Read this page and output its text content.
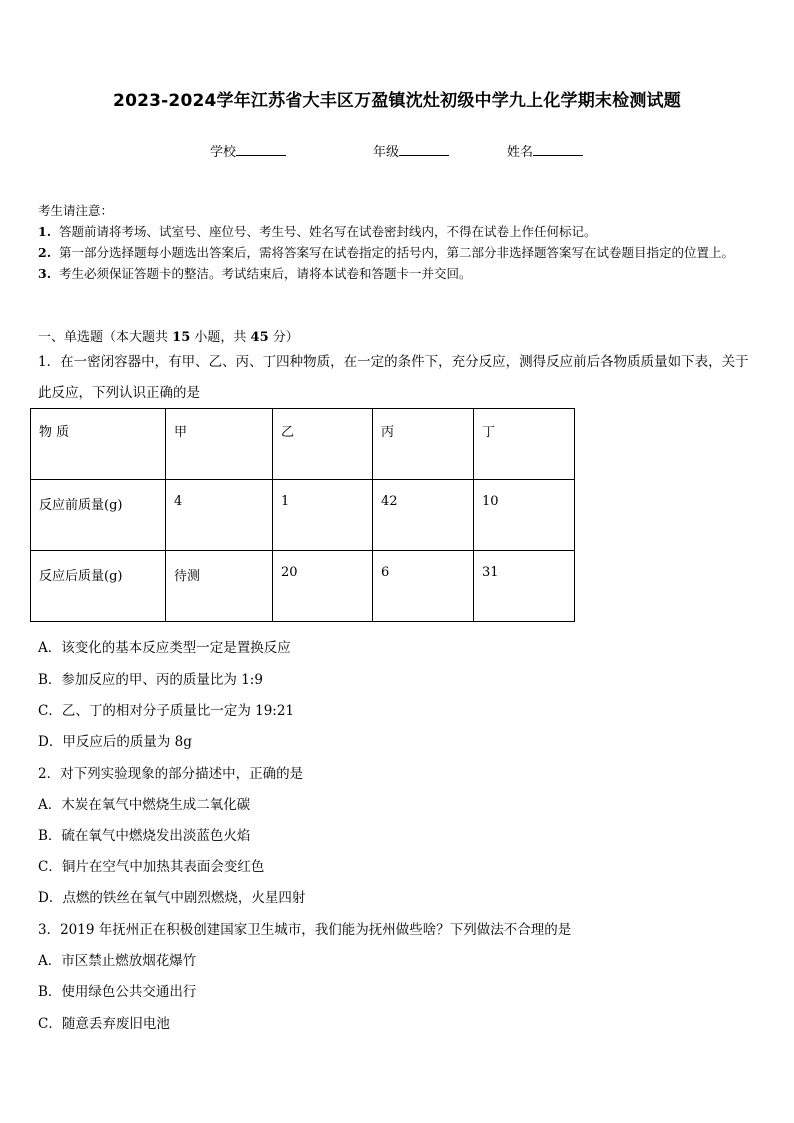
2023-2024学年江苏省大丰区万盈镇沈灶初级中学九上化学期末检测试题
学校	年级	姓名

考生请注意：

1. 答题前请将考场、试室号、座位号、考生号、姓名写在试卷密封线内，不得在试卷上作任何标记。

2. 第一部分选择题每小题选出答案后，需将答案写在试卷指定的括号内，第二部分非选择题答案写在试卷题目指定的位置上。

3. 考生必须保证答题卡的整洁。考试结束后，请将本试卷和答题卡一并交回。

一、单选题（本大题共 15 小题，共 45 分）

1．在一密闭容器中，有甲、乙、丙、丁四种物质，在一定的条件下，充分反应，测得反应前后各物质质量如下表，关于此反应，下列认识正确的是

物 质	甲	乙	丙	丁
反应前质量(g)	4	1	42	10
反应后质量(g)	待测	20	6	31
A．该变化的基本反应类型一定是置换反应
B．参加反应的甲、丙的质量比为 1:9
C．乙、丁的相对分子质量比一定为 19:21
D．甲反应后的质量为 8g
2．对下列实验现象的部分描述中，正确的是
A．木炭在氧气中燃烧生成二氧化碳
B．硫在氧气中燃烧发出淡蓝色火焰
C．铜片在空气中加热其表面会变红色
D．点燃的铁丝在氧气中剧烈燃烧，火星四射
3．2019 年抚州正在积极创建国家卫生城市，我们能为抚州做些啥？下列做法不合理的是
A．市区禁止燃放烟花爆竹
B．使用绿色公共交通出行
C．随意丢弃废旧电池
